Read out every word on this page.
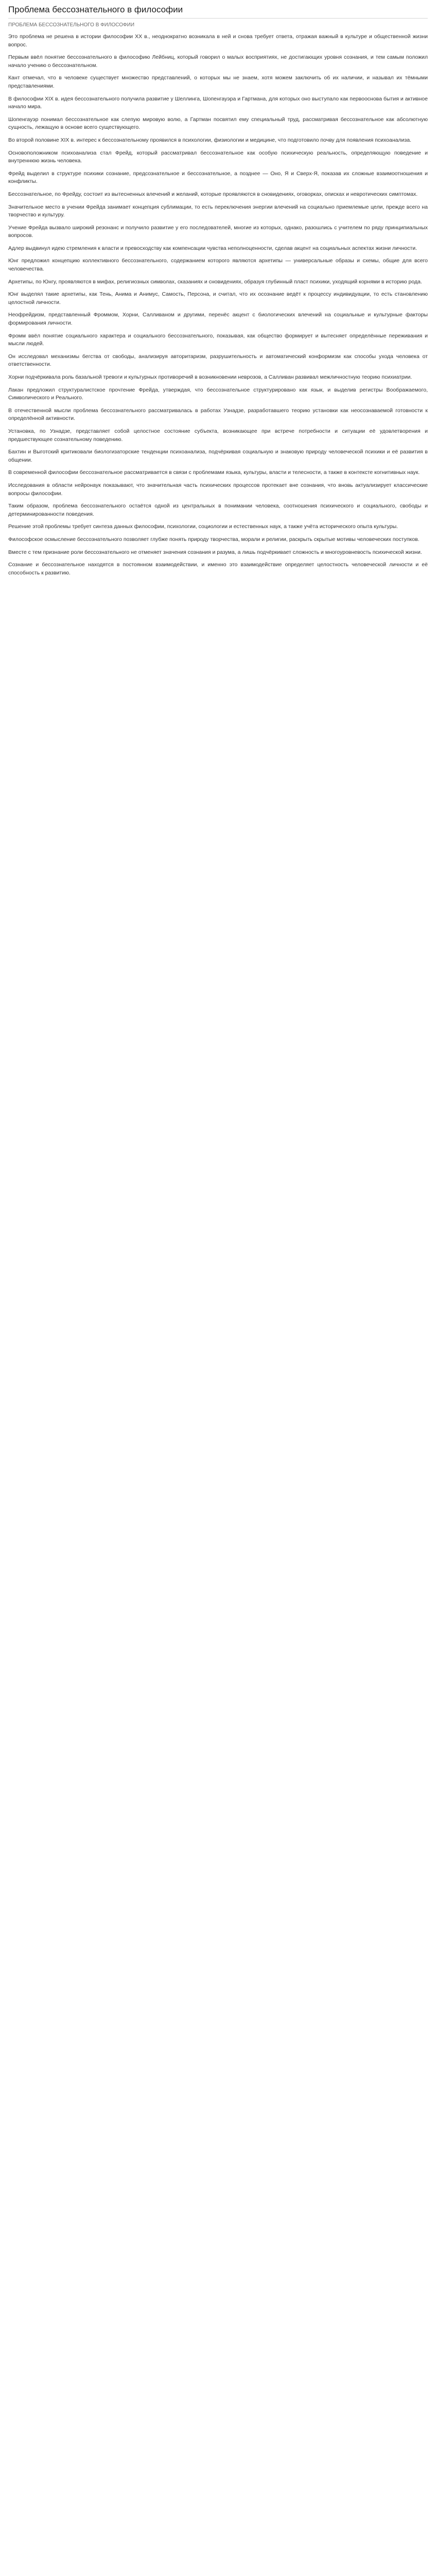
Проблема бессознательного в философии
ПРОБЛЕМА БЕССОЗНАТЕЛЬНОГО В ФИЛОСОФИИ

Это проблема не решена в истории философии XX в., неоднократно возникала в ней и снова требует ответа, отражая важный в культуре и общественной жизни вопрос.

Первым ввёл понятие бессознательного в философию Лейбниц, который говорил о малых восприятиях, не достигающих уровня сознания, и тем самым положил начало учению о бессознательном.

Кант отмечал, что в человеке существует множество представлений, о которых мы не знаем, хотя можем заключить об их наличии, и называл их тёмными представлениями.

В философии XIX в. идея бессознательного получила развитие у Шеллинга, Шопенгауэра и Гартмана, для которых оно выступало как первооснова бытия и активное начало мира.

Шопенгауэр понимал бессознательное как слепую мировую волю, а Гартман посвятил ему специальный труд, рассматривая бессознательное как абсолютную сущность, лежащую в основе всего существующего.

Во второй половине XIX в. интерес к бессознательному проявился в психологии, физиологии и медицине, что подготовило почву для появления психоанализа.

Основоположником психоанализа стал Фрейд, который рассматривал бессознательное как особую психическую реальность, определяющую поведение и внутреннюю жизнь человека.

Фрейд выделил в структуре психики сознание, предсознательное и бессознательное, а позднее — Оно, Я и Сверх-Я, показав их сложные взаимоотношения и конфликты.

Бессознательное, по Фрейду, состоит из вытесненных влечений и желаний, которые проявляются в сновидениях, оговорках, описках и невротических симптомах.

Значительное место в учении Фрейда занимает концепция сублимации, то есть переключения энергии влечений на социально приемлемые цели, прежде всего на творчество и культуру.

Учение Фрейда вызвало широкий резонанс и получило развитие у его последователей, многие из которых, однако, разошлись с учителем по ряду принципиальных вопросов.

Адлер выдвинул идею стремления к власти и превосходству как компенсации чувства неполноценности, сделав акцент на социальных аспектах жизни личности.

Юнг предложил концепцию коллективного бессознательного, содержанием которого являются архетипы — универсальные образы и схемы, общие для всего человечества.

Архетипы, по Юнгу, проявляются в мифах, религиозных символах, сказаниях и сновидениях, образуя глубинный пласт психики, уходящий корнями в историю рода.

Юнг выделял такие архетипы, как Тень, Анима и Анимус, Самость, Персона, и считал, что их осознание ведёт к процессу индивидуации, то есть становлению целостной личности.

Неофрейдизм, представленный Фроммом, Хорни, Салливаном и другими, перенёс акцент с биологических влечений на социальные и культурные факторы формирования личности.

Фромм ввёл понятие социального характера и социального бессознательного, показывая, как общество формирует и вытесняет определённые переживания и мысли людей.

Он исследовал механизмы бегства от свободы, анализируя авторитаризм, разрушительность и автоматический конформизм как способы ухода человека от ответственности.

Хорни подчёркивала роль базальной тревоги и культурных противоречий в возникновении неврозов, а Салливан развивал межличностную теорию психиатрии.

Лакан предложил структуралистское прочтение Фрейда, утверждая, что бессознательное структурировано как язык, и выделив регистры Воображаемого, Символического и Реального.

В отечественной мысли проблема бессознательного рассматривалась в работах Узнадзе, разработавшего теорию установки как неосознаваемой готовности к определённой активности.

Установка, по Узнадзе, представляет собой целостное состояние субъекта, возникающее при встрече потребности и ситуации её удовлетворения и предшествующее сознательному поведению.

Бахтин и Выготский критиковали биологизаторские тенденции психоанализа, подчёркивая социальную и знаковую природу человеческой психики и её развития в общении.

В современной философии бессознательное рассматривается в связи с проблемами языка, культуры, власти и телесности, а также в контексте когнитивных наук.

Исследования в области нейронаук показывают, что значительная часть психических процессов протекает вне сознания, что вновь актуализирует классические вопросы философии.

Таким образом, проблема бессознательного остаётся одной из центральных в понимании человека, соотношения психического и социального, свободы и детерминированности поведения.

Решение этой проблемы требует синтеза данных философии, психологии, социологии и естественных наук, а также учёта исторического опыта культуры.

Философское осмысление бессознательного позволяет глубже понять природу творчества, морали и религии, раскрыть скрытые мотивы человеческих поступков.

Вместе с тем признание роли бессознательного не отменяет значения сознания и разума, а лишь подчёркивает сложность и многоуровневость психической жизни.

Сознание и бессознательное находятся в постоянном взаимодействии, и именно это взаимодействие определяет целостность человеческой личности и её способность к развитию.
